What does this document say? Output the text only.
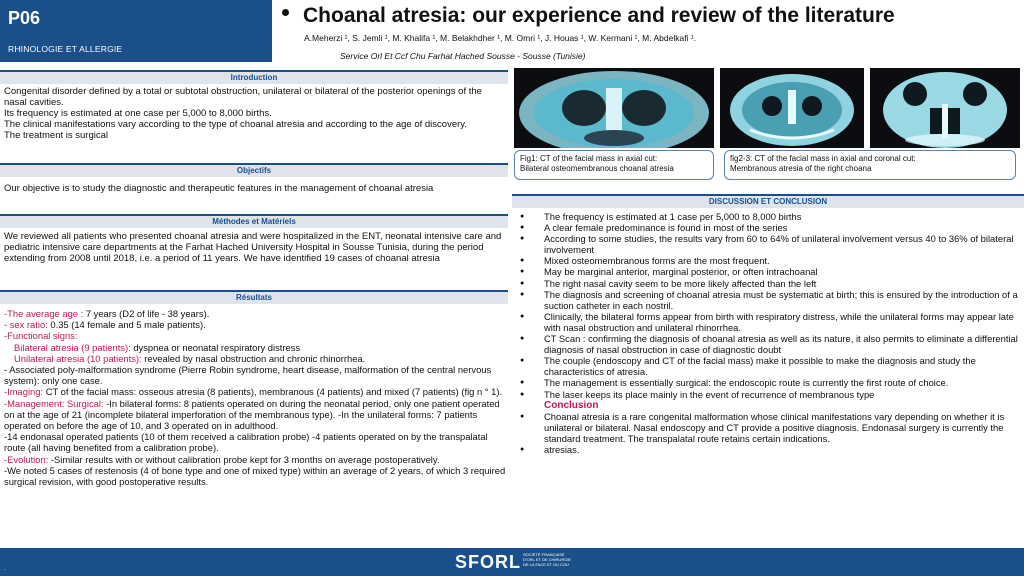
P06
RHINOLOGIE ET ALLERGIE
Choanal atresia: our experience and review of the literature
A.Meherzi ¹, S. Jemli ¹, M. Khalifa ¹, M. Belakhdher ¹, M. Omri ¹, J. Houas ¹, W. Kermani ¹, M. Abdelkafi ¹.
Service Orl Et Ccf Chu Farhat Hached Sousse - Sousse (Tunisie)
Introduction

Congenital disorder defined by a total or subtotal obstruction, unilateral or bilateral of the posterior openings of the nasal cavities.

Its frequency is estimated at one case per 5,000 to 8,000 births.

The clinical manifestations vary according to the type of choanal atresia and according to the age of discovery.

The treatment is surgical

Objectifs
Our objective is to study the diagnostic and therapeutic features in the management of choanal atresia
Méthodes et Matériels
We reviewed all patients who presented choanal atresia and were hospitalized in the ENT, neonatal intensive care and pediatric intensive care departments at the Farhat Hached University Hospital in Sousse Tunisia, during the period extending from 2008 until 2018, i.e. a period of 11 years. We have identified 19 cases of choanal atresia
Résultats

-The average age : 7 years (D2 of life - 38 years).

- sex ratio: 0.35 (14 female and 5 male patients).

-Functional signs:

Bilateral atresia (9 patients): dyspnea or neonatal respiratory distress

Unilateral atresia (10 patients): revealed by nasal obstruction and chronic rhinorrhea.

- Associated poly-malformation syndrome (Pierre Robin syndrome, heart disease, malformation of the central nervous system): only one case.

-Imaging: CT of the facial mass: osseous atresia (8 patients), membranous (4 patients) and mixed (7 patients) (fig n ° 1).

-Management: Surgical: -In bilateral forms: 8 patients operated on during the neonatal period, only one patient operated on at the age of 21 (incomplete bilateral imperforation of the membranous type). -In the unilateral forms: 7 patients operated on before the age of 10, and 3 operated on in adulthood.

-14 endonasal operated patients (10 of them received a calibration probe) -4 patients operated on by the transpalatal route (all having benefited from a calibration probe).

-Evolution: -Similar results with or without calibration probe kept for 3 months on average postoperatively.

-We noted 5 cases of restenosis (4 of bone type and one of mixed type) within an average of 2 years, of which 3 required surgical revision, with good postoperative results.

Fig1: CT of the facial mass in axial cut:
Bilateral osteomembranous choanal atresia
fig2-3: CT of the facial mass in axial and coronal cut:
Membranous atresia of the right choana
DISCUSSION ET CONCLUSION
● The frequency is estimated at 1 case per 5,000 to 8,000 births
● A clear female predominance is found in most of the series
● According to some studies, the results vary from 60 to 64% of unilateral involvement versus 40 to 36% of bilateral involvement
● Mixed osteomembranous forms are the most frequent.
● May be marginal anterior, marginal posterior, or often intrachoanal
● The right nasal cavity seem to be more likely affected than the left
● The diagnosis and screening of choanal atresia must be systematic at birth; this is ensured by the introduction of a suction catheter in each nostril.
● Clinically, the bilateral forms appear from birth with respiratory distress, while the unilateral forms may appear late with nasal obstruction and unilateral rhinorrhea.
● CT Scan : confirming the diagnosis of choanal atresia as well as its nature, it also permits to eliminate a differential diagnosis of nasal obstruction in case of diagnostic doubt
● The couple (endoscopy and CT of the facial mass) make it possible to make the diagnosis and study the characteristics of atresia.
● The management is essentially surgical: the endoscopic route is currently the first route of choice.
● The laser keeps its place mainly in the event of recurrence of membranous type
Conclusion
● Choanal atresia is a rare congenital malformation whose clinical manifestations vary depending on whether it is unilateral or bilateral. Nasal endoscopy and CT provide a positive diagnosis. Endonasal surgery is currently the standard treatment. The transpalatal route retains certain indications.
● atresias.
.	SFORL SOCIÉTÉ FRANÇAISE D'ORL ET DE CHIRURGIE DE LA FACE ET DU COU
